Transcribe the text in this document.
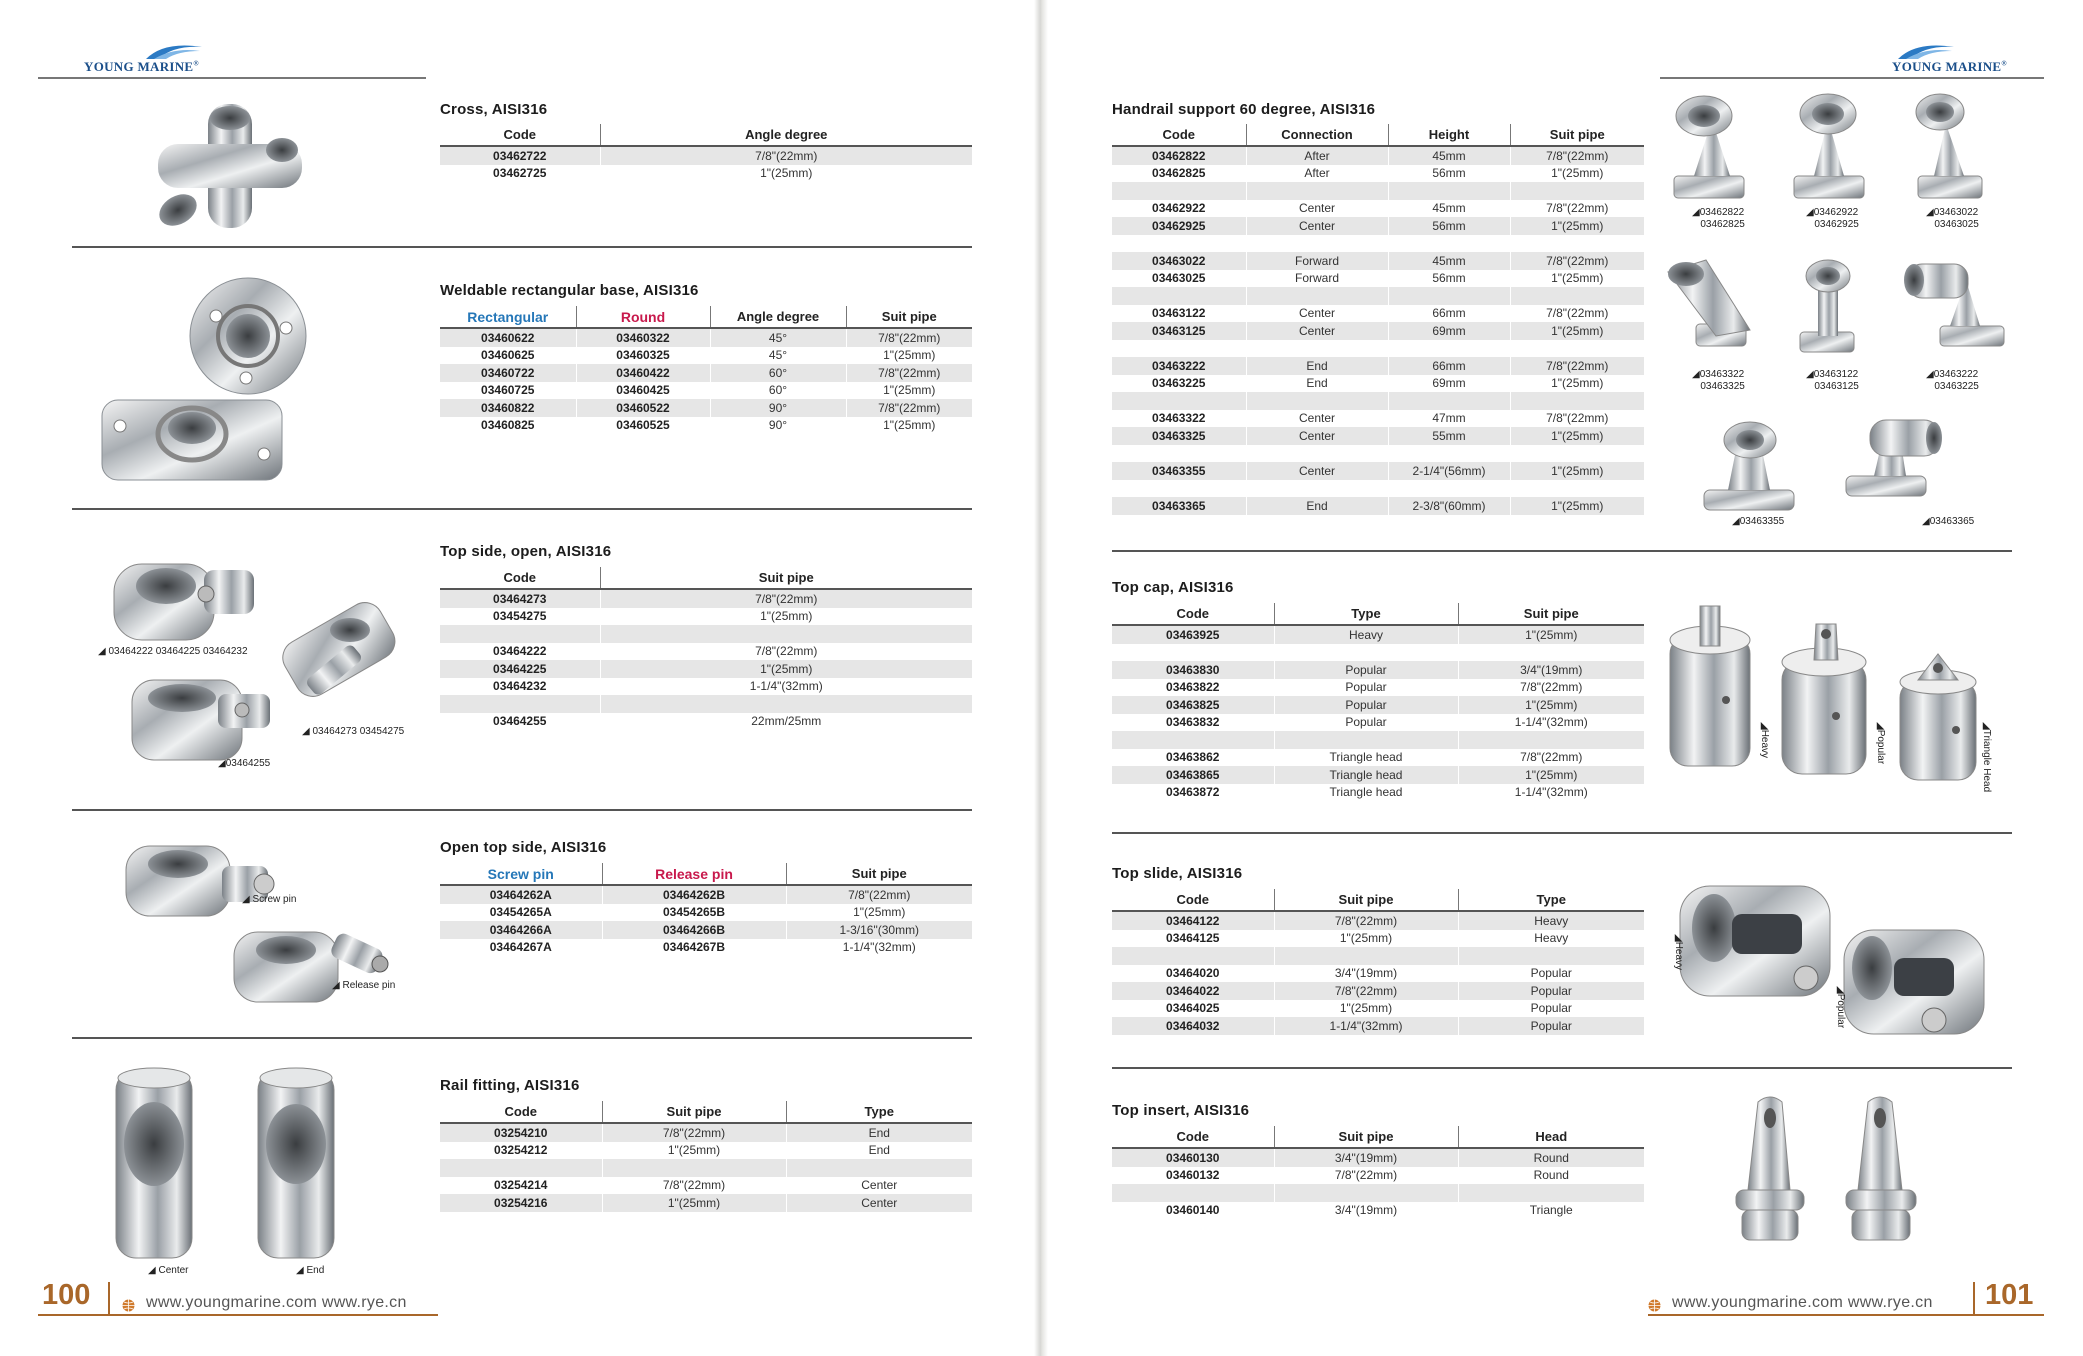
YOUNG MARINE®	YOUNG MARINE®
Cross, AISI316
Code	Angle degree
03462722	7/8"(22mm)
03462725	1"(25mm)
Weldable rectangular base, AISI316
Rectangular	Round	Angle degree	Suit pipe
03460622	03460322	45°	7/8"(22mm)
03460625	03460325	45°	1"(25mm)
03460722	03460422	60°	7/8"(22mm)
03460725	03460425	60°	1"(25mm)
03460822	03460522	90°	7/8"(22mm)
03460825	03460525	90°	1"(25mm)
◢ 03464222 03464225 03464232
◢ 03464273 03454275
◢03464255
Top side, open, AISI316
Code	Suit pipe
03464273	7/8"(22mm)
03454275	1"(25mm)

03464222	7/8"(22mm)
03464225	1"(25mm)
03464232	1-1/4"(32mm)

03464255	22mm/25mm
◢ Screw pin
◢ Release pin
Open top side, AISI316
Screw pin	Release pin	Suit pipe
03464262A	03464262B	7/8"(22mm)
03454265A	03454265B	1"(25mm)
03464266A	03464266B	1-3/16"(30mm)
03464267A	03464267B	1-1/4"(32mm)
◢ Center	◢ End
Rail fitting, AISI316
Code	Suit pipe	Type
03254210	7/8"(22mm)	End
03254212	1"(25mm)	End

03254214	7/8"(22mm)	Center
03254216	1"(25mm)	Center
Handrail support 60 degree, AISI316
Code	Connection	Height	Suit pipe
03462822	After	45mm	7/8"(22mm)
03462825	After	56mm	1"(25mm)

03462922	Center	45mm	7/8"(22mm)
03462925	Center	56mm	1"(25mm)

03463022	Forward	45mm	7/8"(22mm)
03463025	Forward	56mm	1"(25mm)

03463122	Center	66mm	7/8"(22mm)
03463125	Center	69mm	1"(25mm)

03463222	End	66mm	7/8"(22mm)
03463225	End	69mm	1"(25mm)

03463322	Center	47mm	7/8"(22mm)
03463325	Center	55mm	1"(25mm)

03463355	Center	2-1/4"(56mm)	1"(25mm)

03463365	End	2-3/8"(60mm)	1"(25mm)
◢03462822
03462825
◢03462922
03462925
◢03463022
03463025
◢03463322
03463325
◢03463122
03463125
◢03463222
03463225
◢03463355	◢03463365
Top cap, AISI316
Code	Type	Suit pipe
03463925	Heavy	1"(25mm)

03463830	Popular	3/4"(19mm)
03463822	Popular	7/8"(22mm)
03463825	Popular	1"(25mm)
03463832	Popular	1-1/4"(32mm)

03463862	Triangle head	7/8"(22mm)
03463865	Triangle head	1"(25mm)
03463872	Triangle head	1-1/4"(32mm)
◢Heavy
◢Popular
◢Triangle Head
Top slide, AISI316
Code	Suit pipe	Type
03464122	7/8"(22mm)	Heavy
03464125	1"(25mm)	Heavy

03464020	3/4"(19mm)	Popular
03464022	7/8"(22mm)	Popular
03464025	1"(25mm)	Popular
03464032	1-1/4"(32mm)	Popular
◢Heavy
◢Popular
Top insert, AISI316
Code	Suit pipe	Head
03460130	3/4"(19mm)	Round
03460132	7/8"(22mm)	Round

03460140	3/4"(19mm)	Triangle
100	www.youngmarine.com www.rye.cn	www.youngmarine.com www.rye.cn 101
